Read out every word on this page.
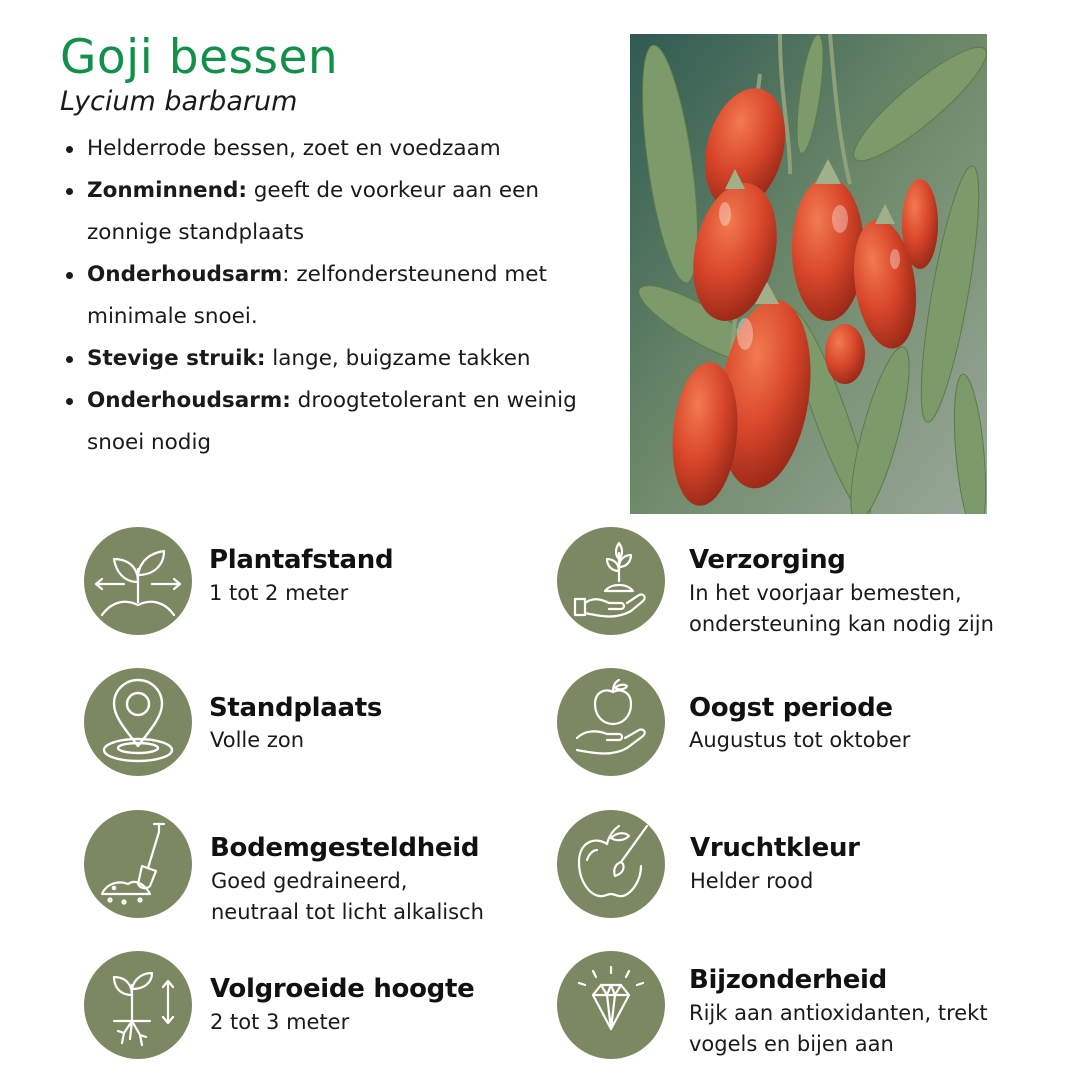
Goji bessen
Lycium barbarum
Helderrode bessen, zoet en voedzaam
Zonminnend: geeft de voorkeur aan een zonnige standplaats
Onderhoudsarm: zelfondersteunend met minimale snoei.
Stevige struik: lange, buigzame takken
Onderhoudsarm: droogtetolerant en weinig snoei nodig
Plantafstand
1 tot 2 meter
Standplaats
Volle zon
Bodemgesteldheid
Goed gedraineerd,
neutraal tot licht alkalisch
Volgroeide hoogte
2 tot 3 meter
Verzorging
In het voorjaar bemesten,
ondersteuning kan nodig zijn
Oogst periode
Augustus tot oktober
Vruchtkleur
Helder rood
Bijzonderheid
Rijk aan antioxidanten, trekt
vogels en bijen aan
